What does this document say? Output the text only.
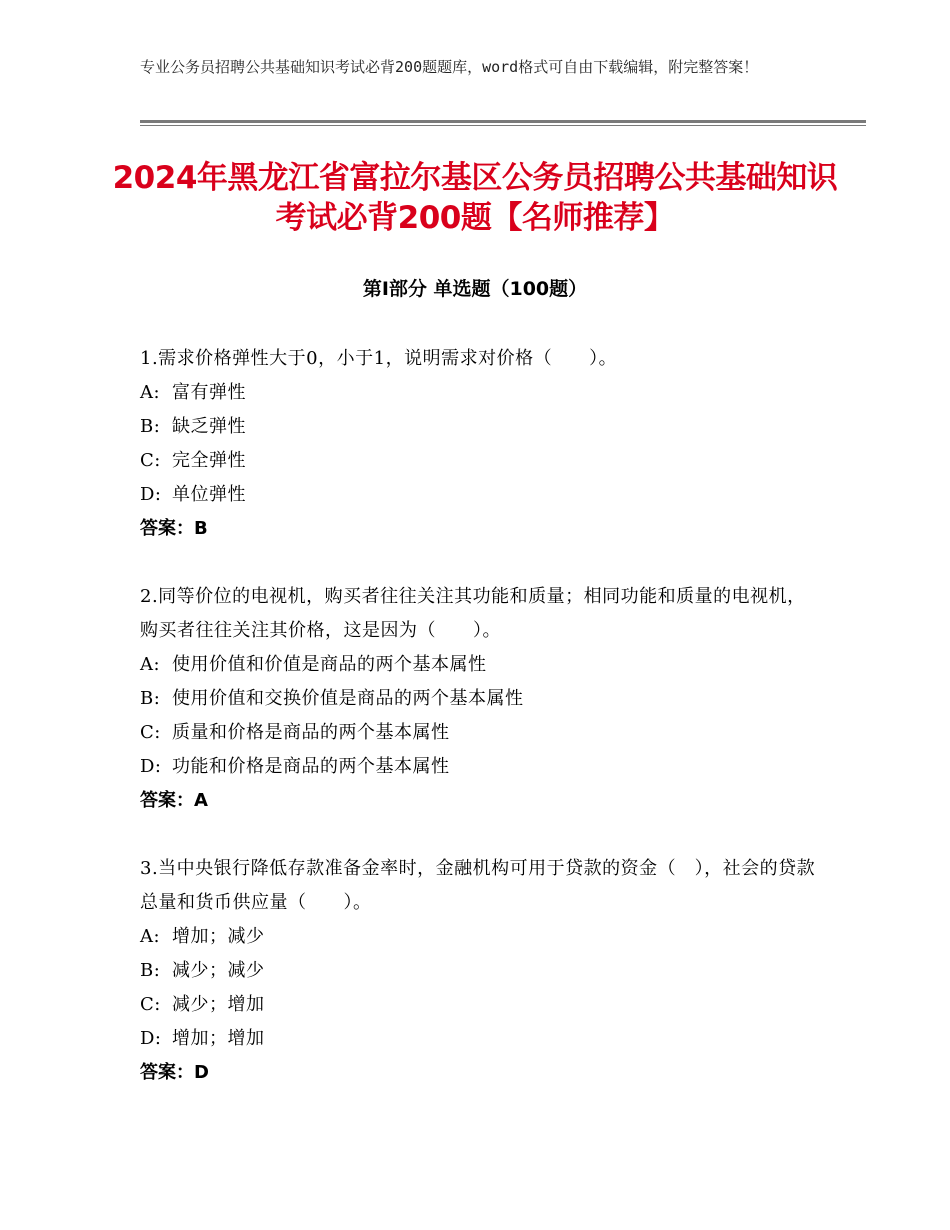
专业公务员招聘公共基础知识考试必背200题题库，word格式可自由下载编辑，附完整答案！
2024年黑龙江省富拉尔基区公务员招聘公共基础知识考试必背200题【名师推荐】
第Ⅰ部分 单选题（100题）
1.需求价格弹性大于0，小于1，说明需求对价格（　　）。
A: 富有弹性
B: 缺乏弹性
C: 完全弹性
D: 单位弹性
答案：B
2.同等价位的电视机，购买者往往关注其功能和质量；相同功能和质量的电视机，购买者往往关注其价格，这是因为（　　）。
A: 使用价值和价值是商品的两个基本属性
B: 使用价值和交换价值是商品的两个基本属性
C: 质量和价格是商品的两个基本属性
D: 功能和价格是商品的两个基本属性
答案：A
3.当中央银行降低存款准备金率时，金融机构可用于贷款的资金（　），社会的贷款总量和货币供应量（　　）。
A: 增加；减少
B: 减少；减少
C: 减少；增加
D: 增加；增加
答案：D
